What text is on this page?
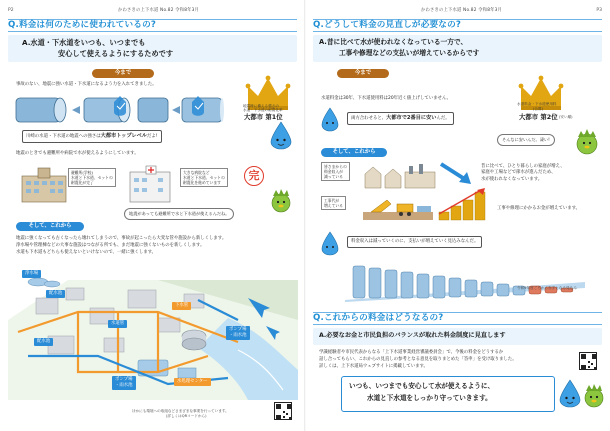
P2	かわさきの上下水道 No.82 令和8年3月
Q.料金は何のために使われているの?
A.水道・下水道をいつも、いつまでも
安心して使えるようにするためです
今まで
事故のない、地震に強い水道・下水道になるよう力を入れてきました。
地震時に備える強さの
水道・下水道の耐震化率
大都市 第1位
川崎の水道・下水道の地震への強さは大都市トップレベルだよ!
地震のときでも避難所や病院で水が使えるようにしています。
避難所(学校)
水道と下水道、セットの
耐震化が完了
大きな病院など
水道と下水道、セットの
耐震化を進めています
完
地震があっても避難所で水と下水道が使えるんだね。
そして、これから
地震に強くなっても古くなったら壊れてしまうので、事故が起こったら大変な管や施設から新しくします。
浄水場や管理棟などの大事な施設はつながる所でも、まだ地震に強くないものを新しくします。
水道も下水道もどちらも使えないといけないので、一緒に強くします。
浄水場
配水池
水道管
配水池
下水管
ポンプ場
・雨水池
ポンプ場
・雨水池
水処理センター
ほかにも環境への取組などさまざまな事業を行っています。
(詳しくはQRコードから)
P3
かわさきの上下水道 No.82 令和8年3月
Q.どうして料金の見直しが必要なの?
A.昔に比べて水が使われなくなっている一方で、
工事や修理などの支払いが増えているからです
今まで
水道料金は30年、下水道使用料は20年近く値上げしていません。
水道料金・下水道使用料
(合算)
大都市 第2位 (安い順)
両方合わせると、大都市で2番目に安いんだ。
そんなに安いんだ。凄い!
そして、これから
皆さまからの
料金収入が
減っている
昔に比べて、ひとり暮らしの家庭が増え、
家庭や工場などで節水が進んだため、
水が使われなくなっています。
工事代が
増えている
工事や修理にかかるお金が増えています。
料金収入は減っていくのに、支払いが増えていく見込みなんだ。
令和9年度ごろから赤字となる見込み
Q.これからの料金はどうなるの?
A.必要なお金と市民負担のバランスが取れた料金制度に見直します
学識経験者や市民代表からなる「上下水道事業経営審議委員会」で、今後の料金をどうするか
話し合ってもらい、これからの見直しの参考となる意見を取りまとめた「答申」を受け取りました。
詳しくは、上下水道局ウェブサイトに掲載しています。
いつも、いつまでも安心して水が使えるように、
水道と下水道をしっかり守っていきます。
